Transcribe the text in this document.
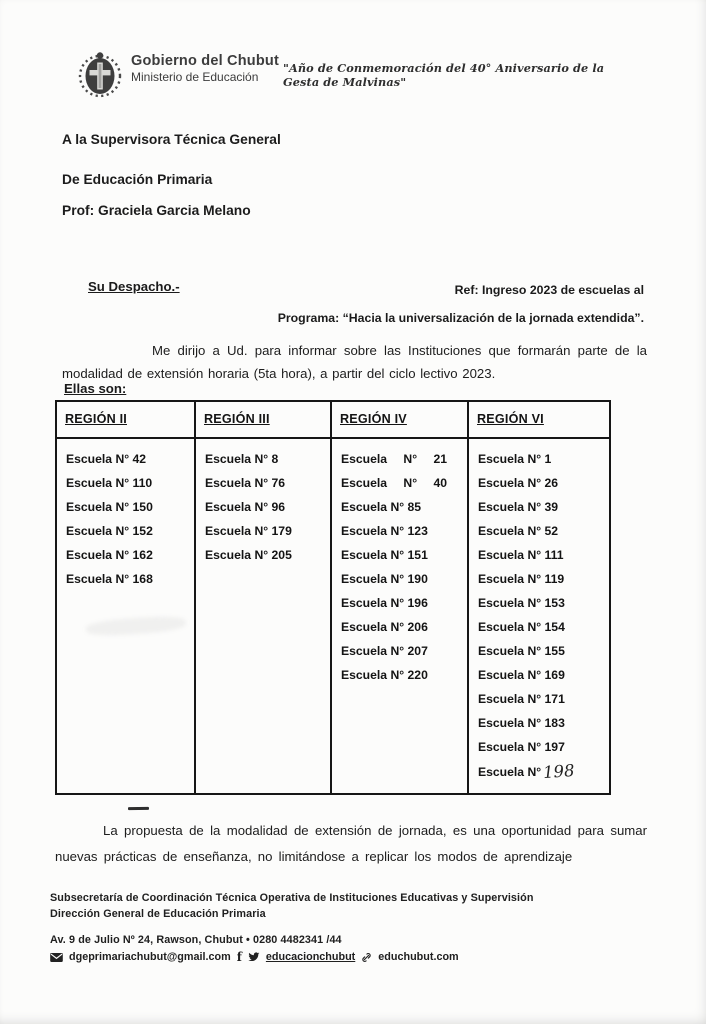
Gobierno del Chubut
Ministerio de Educación
"Año de Conmemoración del 40° Aniversario de la Gesta de Malvinas"
A la Supervisora Técnica General
De Educación Primaria
Prof: Graciela Garcia Melano
Su Despacho.-	Ref: Ingreso 2023 de escuelas al
Programa: “Hacia la universalización de la jornada extendida”.
Me dirijo a Ud. para informar sobre las Instituciones que formarán parte de la modalidad de extensión horaria (5ta hora), a partir del ciclo lectivo 2023.
Ellas son:
REGIÓN II
Escuela N° 42
Escuela N° 110
Escuela N° 150
Escuela N° 152
Escuela N° 162
Escuela N° 168
REGIÓN III
Escuela N° 8
Escuela N° 76
Escuela N° 96
Escuela N° 179
Escuela N° 205
REGIÓN IV
Escuela N° 21
Escuela N° 40
Escuela N° 85
Escuela N° 123
Escuela N° 151
Escuela N° 190
Escuela N° 196
Escuela N° 206
Escuela N° 207
Escuela N° 220
REGIÓN VI
Escuela N° 1
Escuela N° 26
Escuela N° 39
Escuela N° 52
Escuela N° 111
Escuela N° 119
Escuela N° 153
Escuela N° 154
Escuela N° 155
Escuela N° 169
Escuela N° 171
Escuela N° 183
Escuela N° 197
Escuela N°198
La propuesta de la modalidad de extensión de jornada, es una oportunidad para sumar nuevas prácticas de enseñanza, no limitándose a replicar los modos de aprendizaje
Subsecretaría de Coordinación Técnica Operativa de Instituciones Educativas y Supervisión
Dirección General de Educación Primaria
Av. 9 de Julio Nº 24, Rawson, Chubut • 0280 4482341 /44
dgeprimariachubut@gmail.com f educacionchubut educhubut.com
